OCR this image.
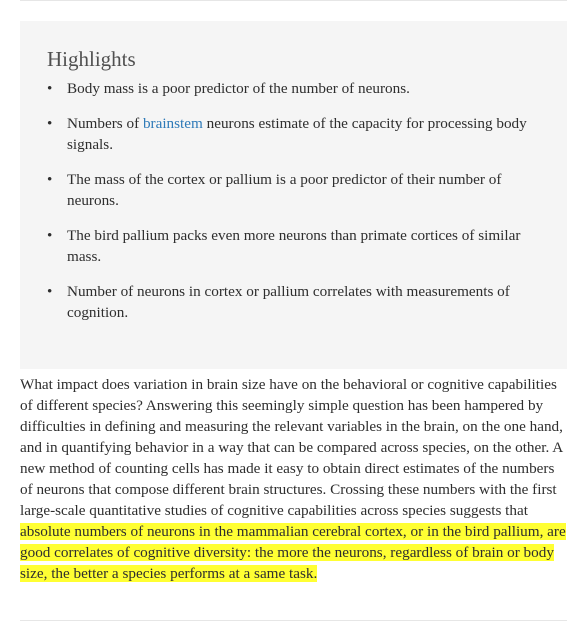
Highlights
• Body mass is a poor predictor of the number of neurons.
• Numbers of brainstem neurons estimate of the capacity for processing body signals.
• The mass of the cortex or pallium is a poor predictor of their number of neurons.
• The bird pallium packs even more neurons than primate cortices of similar mass.
• Number of neurons in cortex or pallium correlates with measurements of cognition.

What impact does variation in brain size have on the behavioral or cognitive capabilities of different species? Answering this seemingly simple question has been hampered by difficulties in defining and measuring the relevant variables in the brain, on the one hand, and in quantifying behavior in a way that can be compared across species, on the other. A new method of counting cells has made it easy to obtain direct estimates of the numbers of neurons that compose different brain structures. Crossing these numbers with the first large-scale quantitative studies of cognitive capabilities across species suggests that absolute numbers of neurons in the mammalian cerebral cortex, or in the bird pallium, are good correlates of cognitive diversity: the more the neurons, regardless of brain or body size, the better a species performs at a same task.
